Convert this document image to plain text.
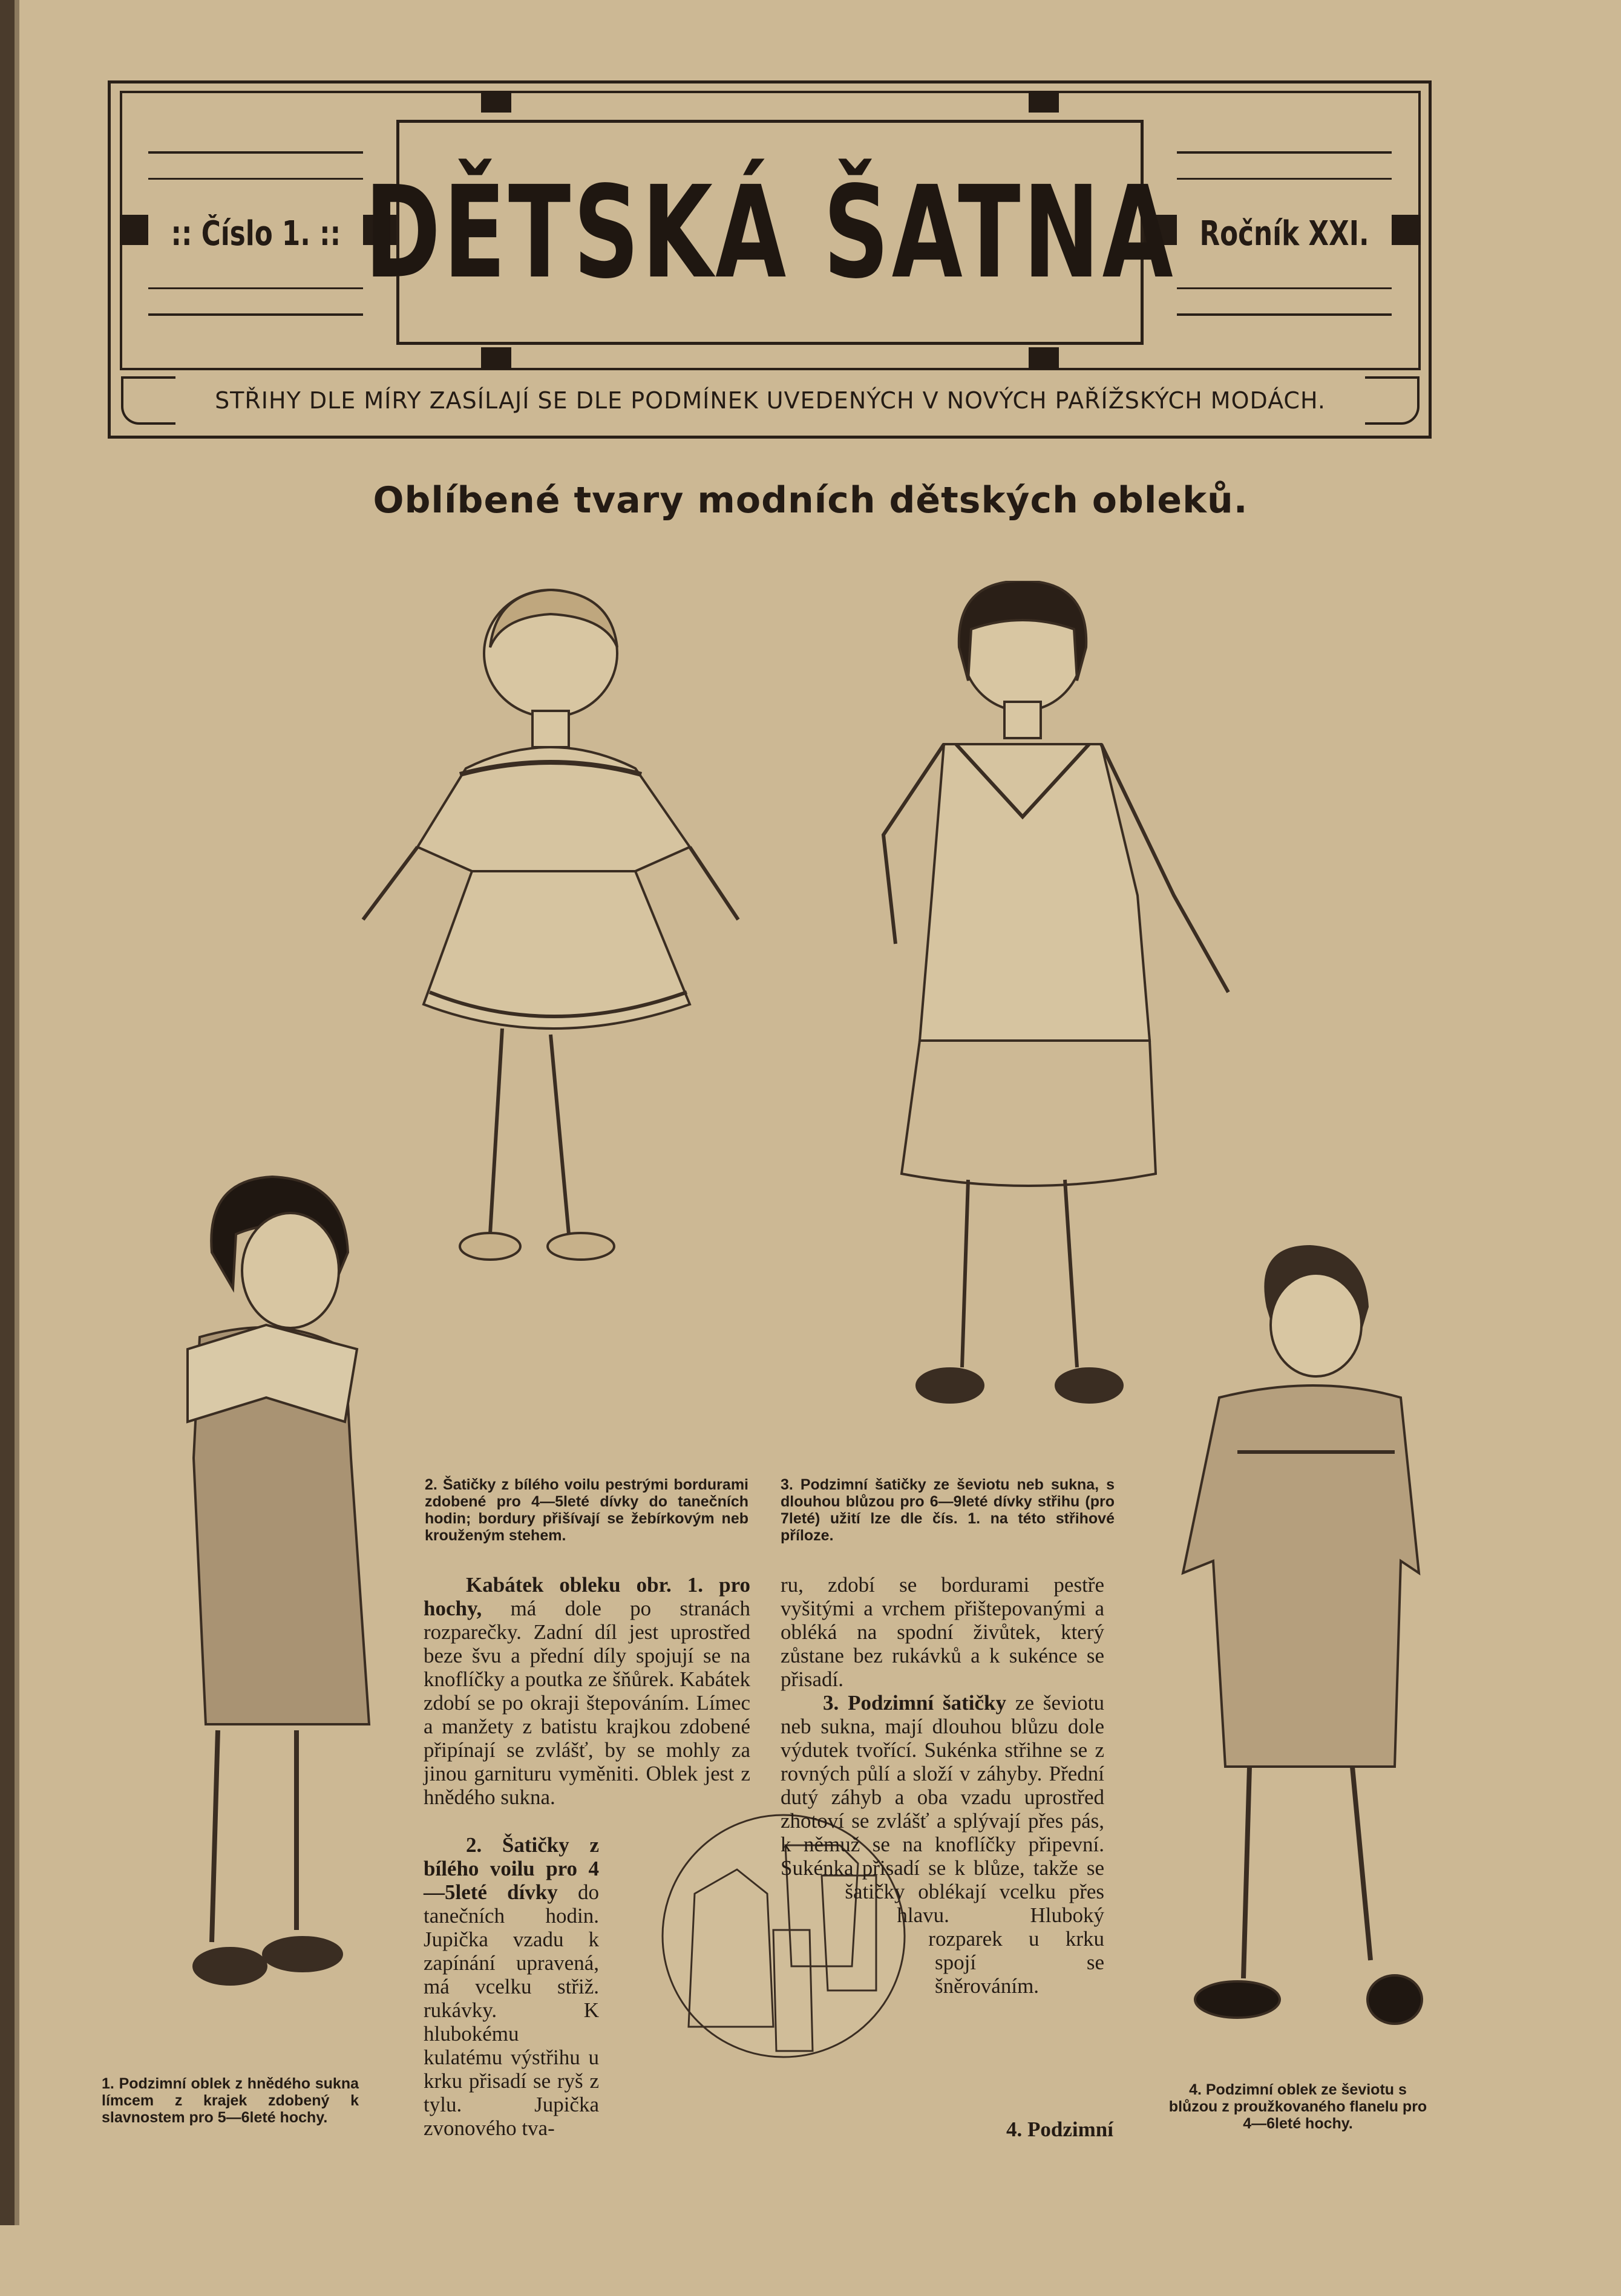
:: Číslo 1. :: DĚTSKÁ ŠATNA Ročník XXI.
STŘIHY DLE MÍRY ZASÍLAJÍ SE DLE PODMÍNEK UVEDENÝCH V NOVÝCH PAŘÍŽSKÝCH MODÁCH.
Oblíbené tvary modních dětských obleků.
2. Šatičky z bílého voilu pestrými bordurami zdobené pro 4—5leté dívky do tanečních hodin; bordury přišívají se žebírkovým neb krouženým stehem.
3. Podzimní šatičky ze ševiotu neb sukna, s dlouhou blůzou pro 6—9leté dívky střihu (pro 7leté) užití lze dle čís. 1. na této střihové příloze.
1. Podzimní oblek z hnědého sukna límcem z krajek zdobený k slavnostem pro 5—6leté hochy.
4. Podzimní oblek ze ševiotu s blůzou z proužkovaného flanelu pro 4—6leté hochy.

Kabátek obleku obr. 1. pro hochy, má dole po stranách rozparečky. Zadní díl jest uprostřed beze švu a přední díly spojují se na knoflíčky a poutka ze šňůrek. Kabátek zdobí se po okraji štepováním. Límec a manžety z batistu krajkou zdobené připínají se zvlášť, by se mohly za jinou garnituru vyměniti. Oblek jest z hnědého sukna.

2. Šatičky z bílého voilu pro 4—5leté dívky do tanečních hodin. Jupička vzadu k zapínání upravená, má vcelku střiž. rukávky. K hlubokému kulatému výstřihu u krku přisadí se ryš z tylu. Jupička zvonového tva-

ru, zdobí se bordurami pestře vyšitými a vrchem přištepovanými a obléká na spodní živůtek, který zůstane bez rukávků a k sukénce se přisadí.

3. Podzimní šatičky ze ševiotu neb sukna, mají dlouhou blůzu dole výdutek tvořící. Sukénka střihne se z rovných půlí a složí v záhyby. Přední dutý záhyb a oba vzadu uprostřed zhotoví se zvlášť a splývají přes pás, k němuž se na knoflíčky připevní. Sukénka přisadí se k blůze, takže se šatičky oblékají vcelku přes hlavu. Hluboký rozparek u krku spojí se šněrováním.

4. Podzimní
